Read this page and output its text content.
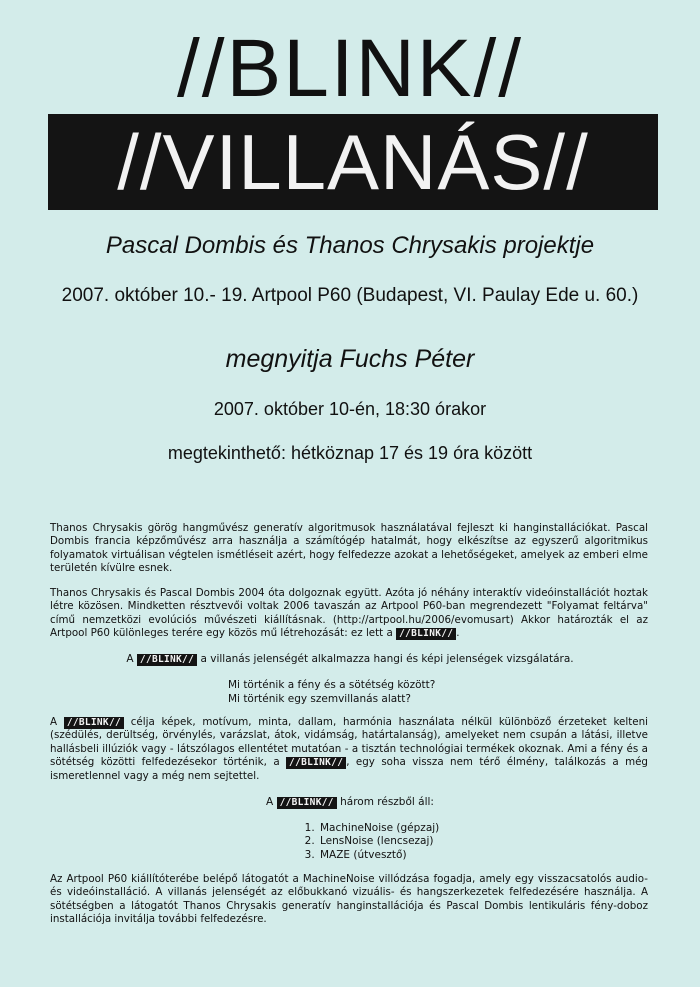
//BLINK//
//VILLANÁS//
Pascal Dombis és Thanos Chrysakis projektje
2007. október 10.- 19. Artpool P60 (Budapest, VI. Paulay Ede u. 60.)
megnyitja Fuchs Péter
2007. október 10-én, 18:30 órakor
megtekinthető: hétköznap 17 és 19 óra között
Thanos Chrysakis görög hangművész generatív algoritmusok használatával fejleszt ki hanginstallációkat. Pascal Dombis francia képzőművész arra használja a számítógép hatalmát, hogy elkészítse az egyszerű algoritmikus folyamatok virtuálisan végtelen ismétléseit azért, hogy felfedezze azokat a lehetőségeket, amelyek az emberi elme területén kívülre esnek.
Thanos Chrysakis és Pascal Dombis 2004 óta dolgoznak együtt. Azóta jó néhány interaktív videóinstallációt hoztak létre közösen. Mindketten résztvevői voltak 2006 tavaszán az Artpool P60-ban megrendezett "Folyamat feltárva" című nemzetközi evolúciós művészeti kiállításnak. (http://artpool.hu/2006/evomusart) Akkor határozták el az Artpool P60 különleges terére egy közös mű létrehozását: ez lett a //BLINK// .
A //BLINK// a villanás jelenségét alkalmazza hangi és képi jelenségek vizsgálatára.
Mi történik a fény és a sötétség között?
Mi történik egy szemvillanás alatt?
A //BLINK// célja képek, motívum, minta, dallam, harmónia használata nélkül különböző érzeteket kelteni (szédülés, derültség, örvénylés, varázslat, átok, vidámság, határtalanság), amelyeket nem csupán a látási, illetve hallásbeli illúziók vagy - látszólagos ellentétet mutatóan - a tisztán technológiai termékek okoznak. Ami a fény és a sötétség közötti felfedezésekor történik, a //BLINK// , egy soha vissza nem térő élmény, találkozás a még ismeretlennel vagy a még nem sejtettel.
A //BLINK// három részből áll:
1. MachineNoise (gépzaj)
2. LensNoise (lencsezaj)
3. MAZE (útvesztő)
Az Artpool P60 kiállítóterébe belépő látogatót a MachineNoise villódzása fogadja, amely egy visszacsatolós audio- és videóinstalláció. A villanás jelenségét az előbukkanó vizuális- és hangszerkezetek felfedezésére használja. A sötétségben a látogatót Thanos Chrysakis generatív hanginstallációja és Pascal Dombis lentikuláris fény-doboz installációja invitálja további felfedezésre.
